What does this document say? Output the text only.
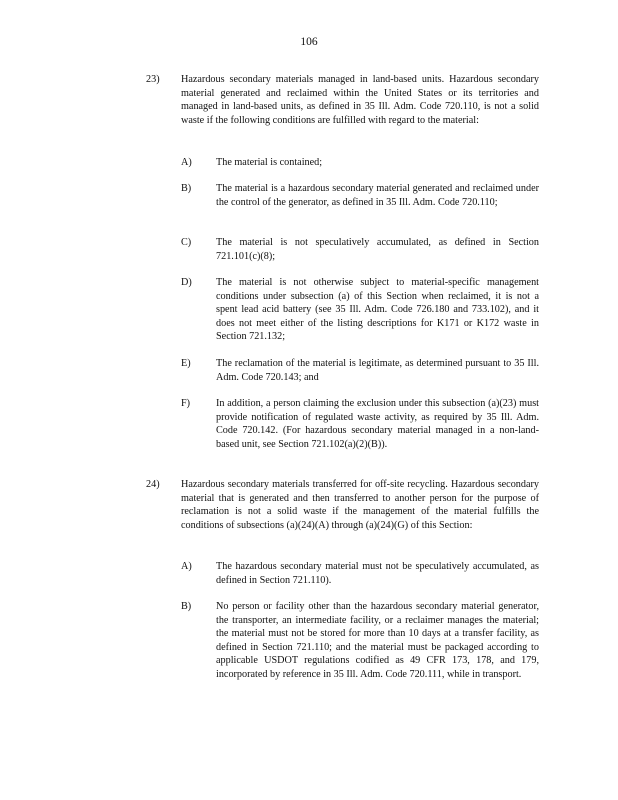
106
23) Hazardous secondary materials managed in land-based units. Hazardous secondary material generated and reclaimed within the United States or its territories and managed in land-based units, as defined in 35 Ill. Adm. Code 720.110, is not a solid waste if the following conditions are fulfilled with regard to the material:
A) The material is contained;
B) The material is a hazardous secondary material generated and reclaimed under the control of the generator, as defined in 35 Ill. Adm. Code 720.110;
C) The material is not speculatively accumulated, as defined in Section 721.101(c)(8);
D) The material is not otherwise subject to material-specific management conditions under subsection (a) of this Section when reclaimed, it is not a spent lead acid battery (see 35 Ill. Adm. Code 726.180 and 733.102), and it does not meet either of the listing descriptions for K171 or K172 waste in Section 721.132;
E) The reclamation of the material is legitimate, as determined pursuant to 35 Ill. Adm. Code 720.143; and
F)	In addition, a person claiming the exclusion under this subsection (a)(23) must provide notification of regulated waste activity, as required by 35 Ill. Adm. Code 720.142. (For hazardous secondary material managed in a non-land-based unit, see Section 721.102(a)(2)(B)).
24) Hazardous secondary materials transferred for off-site recycling. Hazardous secondary material that is generated and then transferred to another person for the purpose of reclamation is not a solid waste if the management of the material fulfills the conditions of subsections (a)(24)(A) through (a)(24)(G) of this Section:
A) The hazardous secondary material must not be speculatively accumulated, as defined in Section 721.110).
B) No person or facility other than the hazardous secondary material generator, the transporter, an intermediate facility, or a reclaimer manages the material; the material must not be stored for more than 10 days at a transfer facility, as defined in Section 721.110; and the material must be packaged according to applicable USDOT regulations codified as 49 CFR 173, 178, and 179, incorporated by reference in 35 Ill. Adm. Code 720.111, while in transport.
